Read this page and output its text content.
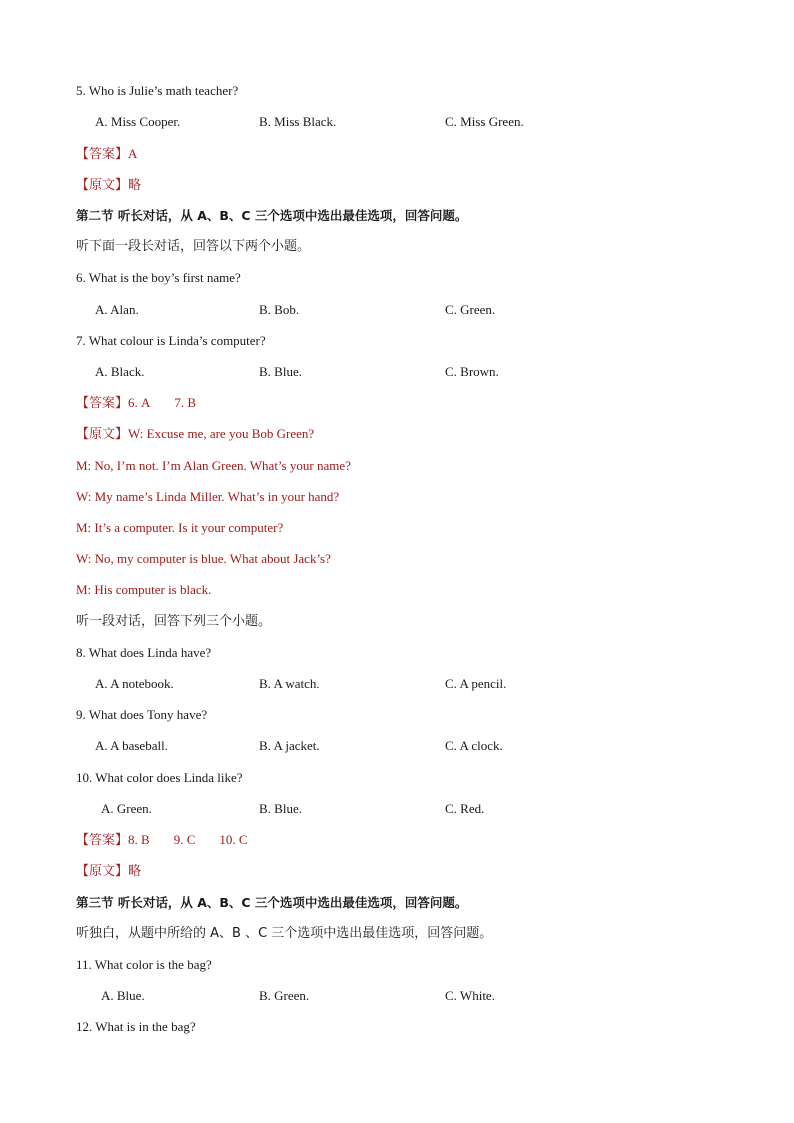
5. Who is Julie’s math teacher?
A. Miss Cooper.	B. Miss Black.	C. Miss Green.
【答案】A
【原文】略
第二节 听长对话，从 A、B、C 三个选项中选出最佳选项，回答问题。
听下面一段长对话，回答以下两个小题。
6. What is the boy’s first name?
A. Alan.	B. Bob.	C. Green.
7. What colour is Linda’s computer?
A. Black.	B. Blue.	C. Brown.
【答案】6. A 7. B
【原文】W: Excuse me, are you Bob Green?
M: No, I’m not. I’m Alan Green. What’s your name?
W: My name’s Linda Miller. What’s in your hand?
M: It’s a computer. Is it your computer?
W: No, my computer is blue. What about Jack’s?
M: His computer is black.
听一段对话，回答下列三个小题。
8. What does Linda have?
A. A notebook.	B. A watch.	C. A pencil.
9. What does Tony have?
A. A baseball.	B. A jacket.	C. A clock.
10. What color does Linda like?
A. Green.	B. Blue.	C. Red.
【答案】8. B 9. C 10. C
【原文】略
第三节 听长对话，从 A、B、C 三个选项中选出最佳选项，回答问题。
听独白，从题中所给的 A、B 、C 三个选项中选出最佳选项，回答问题。
11. What color is the bag?
A. Blue.	B. Green.	C. White.
12. What is in the bag?
